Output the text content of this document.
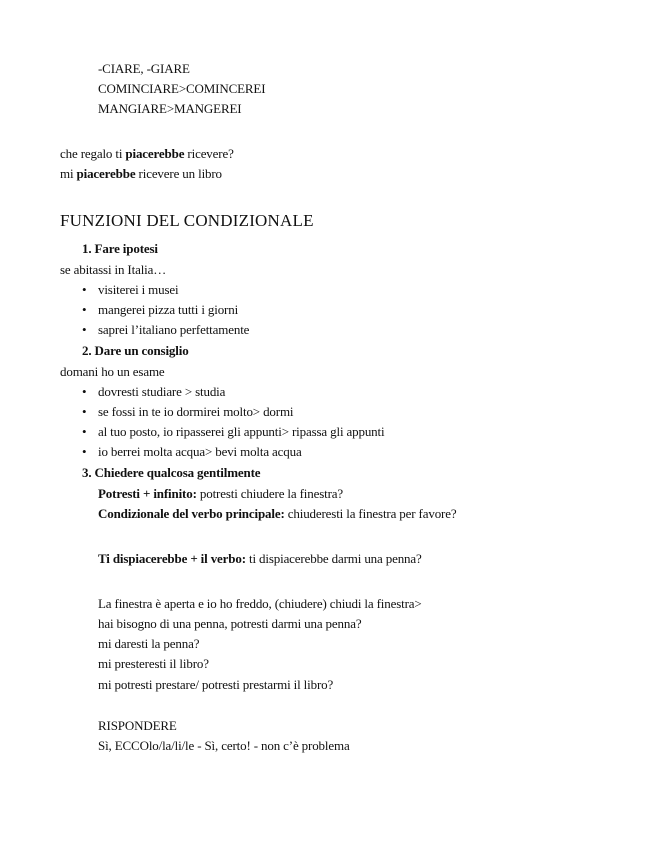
-CIARE, -GIARE
COMINCIARE>COMINCEREI
MANGIARE>MANGEREI
che regalo ti piacerebbe ricevere?
mi piacerebbe ricevere un libro
FUNZIONI DEL CONDIZIONALE
1. Fare ipotesi
se abitassi in Italia…
• visiterei i musei
• mangerei pizza tutti i giorni
• saprei l’italiano perfettamente
2. Dare un consiglio
domani ho un esame
• dovresti studiare > studia
• se fossi in te io dormirei molto> dormi
• al tuo posto, io ripasserei gli appunti> ripassa gli appunti
• io berrei molta acqua> bevi molta acqua
3. Chiedere qualcosa gentilmente
Potresti + infinito: potresti chiudere la finestra?
Condizionale del verbo principale: chiuderesti la finestra per favore?
Ti dispiacerebbe + il verbo: ti dispiacerebbe darmi una penna?
La finestra è aperta e io ho freddo, (chiudere) chiudi la finestra>
hai bisogno di una penna, potresti darmi una penna?
mi daresti la penna?
mi presteresti il libro?
mi potresti prestare/ potresti prestarmi il libro?
RISPONDERE
Sì, ECCOlo/la/li/le - Sì, certo! - non c’è problema
